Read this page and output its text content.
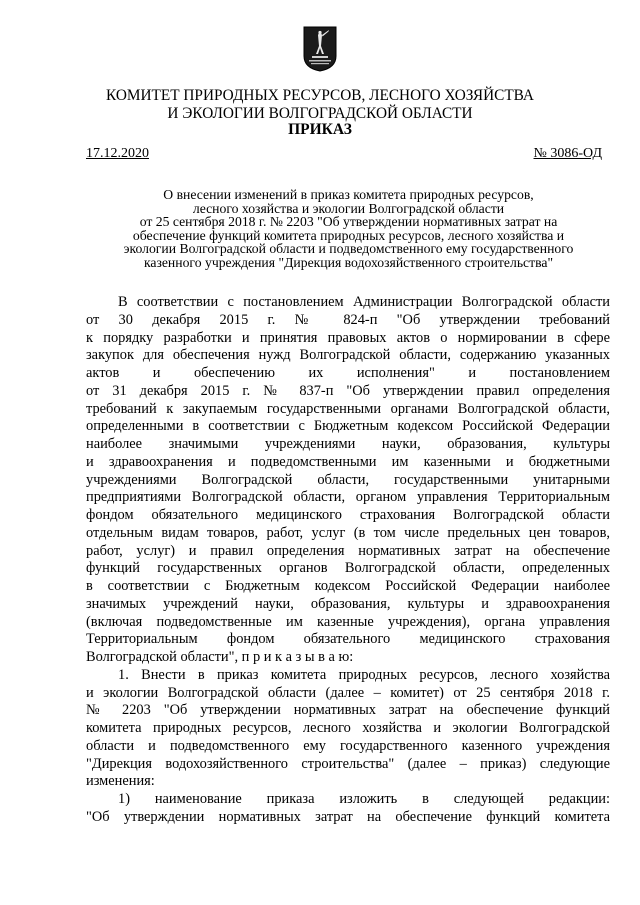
КОМИТЕТ ПРИРОДНЫХ РЕСУРСОВ, ЛЕСНОГО ХОЗЯЙСТВА
И ЭКОЛОГИИ ВОЛГОГРАДСКОЙ ОБЛАСТИ
ПРИКАЗ
17.12.2020	№ 3086-ОД
О внесении изменений в приказ комитета природных ресурсов,
лесного хозяйства и экологии Волгоградской области
от 25 сентября 2018 г. № 2203 "Об утверждении нормативных затрат на
обеспечение функций комитета природных ресурсов, лесного хозяйства и
экологии Волгоградской области и подведомственного ему государственного
казенного учреждения "Дирекция водохозяйственного строительства"
В соответствии с постановлением Администрации Волгоградской области
от 30 декабря 2015 г. № 824-п "Об утверждении требований
к порядку разработки и принятия правовых актов о нормировании в сфере
закупок для обеспечения нужд Волгоградской области, содержанию указанных
актов и обеспечению их исполнения" и постановлением
от 31 декабря 2015 г. № 837-п "Об утверждении правил определения
требований к закупаемым государственными органами Волгоградской области,
определенными в соответствии с Бюджетным кодексом Российской Федерации
наиболее значимыми учреждениями науки, образования, культуры
и здравоохранения и подведомственными им казенными и бюджетными
учреждениями Волгоградской области, государственными унитарными
предприятиями Волгоградской области, органом управления Территориальным
фондом обязательного медицинского страхования Волгоградской области
отдельным видам товаров, работ, услуг (в том числе предельных цен товаров,
работ, услуг) и правил определения нормативных затрат на обеспечение
функций государственных органов Волгоградской области, определенных
в соответствии с Бюджетным кодексом Российской Федерации наиболее
значимых учреждений науки, образования, культуры и здравоохранения
(включая подведомственные им казенные учреждения), органа управления
Территориальным фондом обязательного медицинского страхования
Волгоградской области", п р и к а з ы в а ю:
1. Внести в приказ комитета природных ресурсов, лесного хозяйства
и экологии Волгоградской области (далее – комитет) от 25 сентября 2018 г.
№ 2203 "Об утверждении нормативных затрат на обеспечение функций
комитета природных ресурсов, лесного хозяйства и экологии Волгоградской
области и подведомственного ему государственного казенного учреждения
"Дирекция водохозяйственного строительства" (далее – приказ) следующие
изменения:
1) наименование приказа изложить в следующей редакции:
"Об утверждении нормативных затрат на обеспечение функций комитета
